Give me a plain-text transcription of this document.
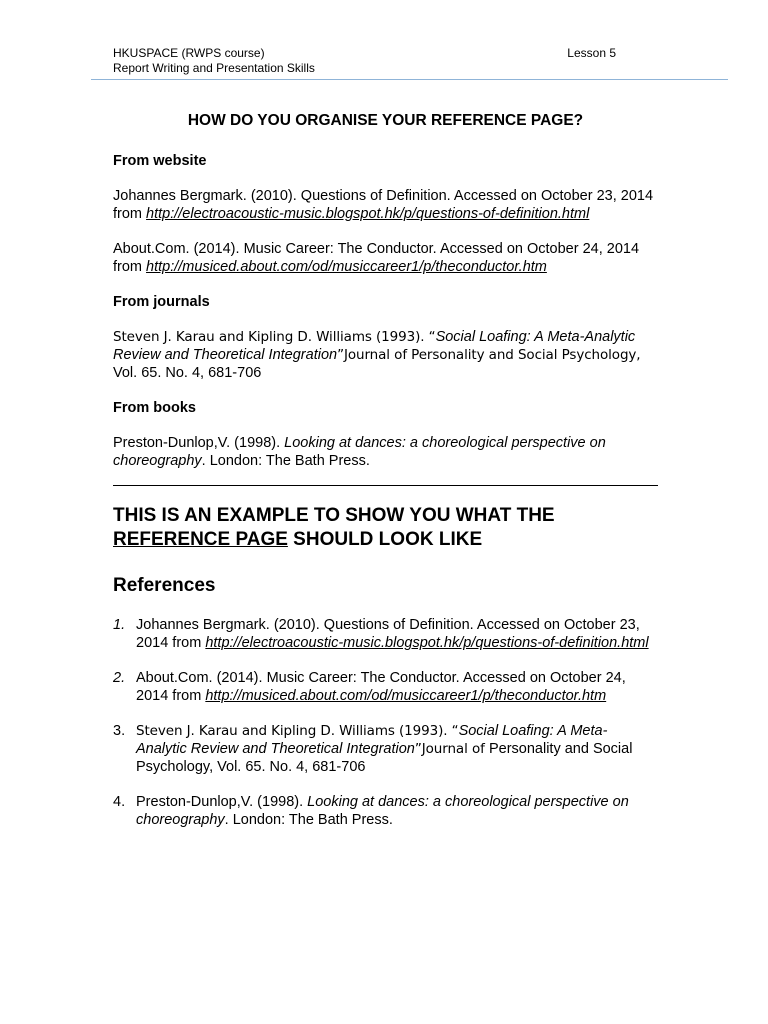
HKUSPACE (RWPS course)
Report Writing and Presentation Skills
Lesson 5
HOW DO YOU ORGANISE YOUR REFERENCE PAGE?
From website
Johannes Bergmark. (2010). Questions of Definition. Accessed on October 23, 2014 from http://electroacoustic-music.blogspot.hk/p/questions-of-definition.html
About.Com. (2014). Music Career: The Conductor. Accessed on October 24, 2014 from http://musiced.about.com/od/musiccareer1/p/theconductor.htm
From journals
Steven J. Karau and Kipling D. Williams (1993). “Social Loafing: A Meta-Analytic Review and Theoretical Integration”Journal of Personality and Social Psychology, Vol. 65. No. 4, 681-706
From books
Preston-Dunlop,V. (1998). Looking at dances: a choreological perspective on choreography. London: The Bath Press.
THIS IS AN EXAMPLE TO SHOW YOU WHAT THE
REFERENCE PAGE SHOULD LOOK LIKE
References
1. Johannes Bergmark. (2010). Questions of Definition. Accessed on October 23, 2014 from http://electroacoustic-music.blogspot.hk/p/questions-of-definition.html
2. About.Com. (2014). Music Career: The Conductor. Accessed on October 24, 2014 from http://musiced.about.com/od/musiccareer1/p/theconductor.htm
3. Steven J. Karau and Kipling D. Williams (1993). “Social Loafing: A Meta-Analytic Review and Theoretical Integration”Journal of Personality and Social Psychology, Vol. 65. No. 4, 681-706
4. Preston-Dunlop,V. (1998). Looking at dances: a choreological perspective on choreography. London: The Bath Press.
